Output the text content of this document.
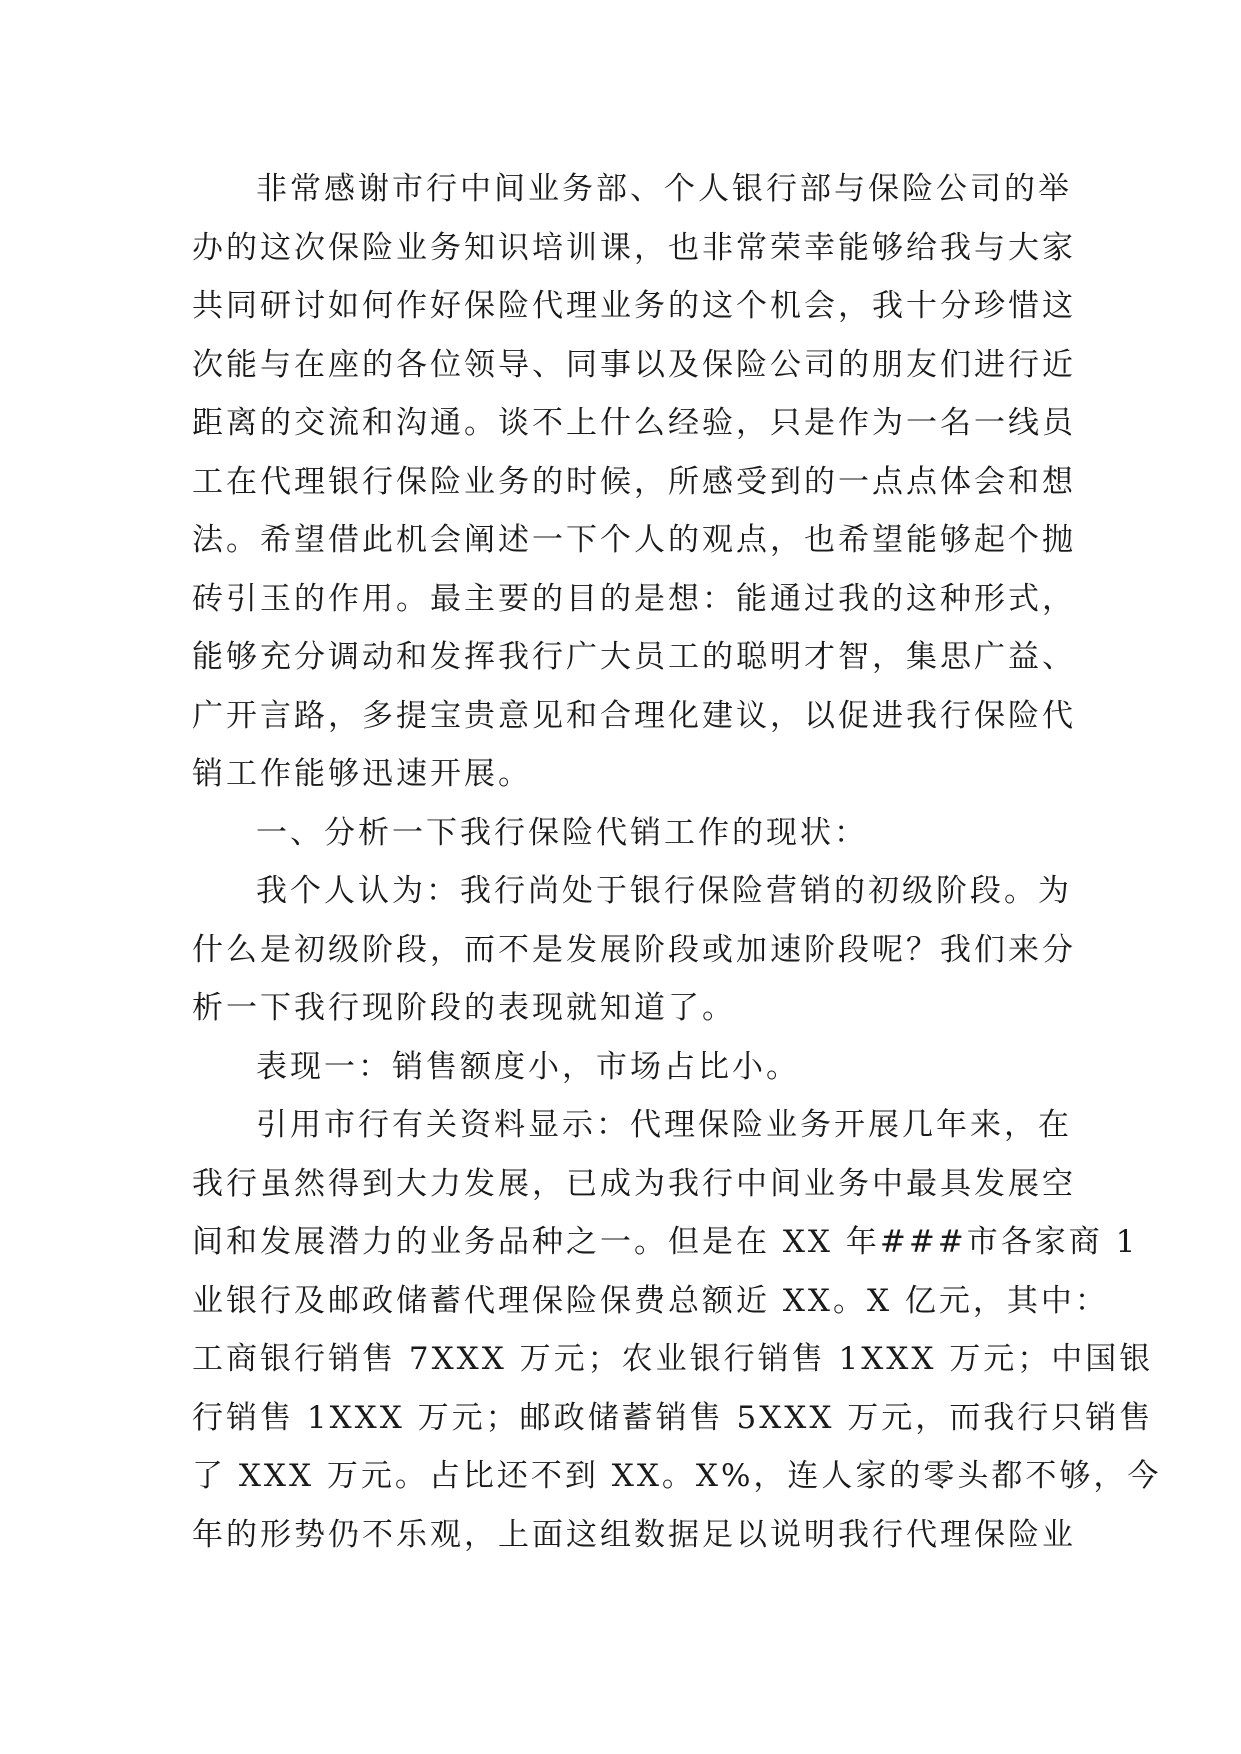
非常感谢市行中间业务部、个人银行部与保险公司的举
办的这次保险业务知识培训课，也非常荣幸能够给我与大家
共同研讨如何作好保险代理业务的这个机会，我十分珍惜这
次能与在座的各位领导、同事以及保险公司的朋友们进行近
距离的交流和沟通。谈不上什么经验，只是作为一名一线员
工在代理银行保险业务的时候，所感受到的一点点体会和想
法。希望借此机会阐述一下个人的观点，也希望能够起个抛
砖引玉的作用。最主要的目的是想：能通过我的这种形式，
能够充分调动和发挥我行广大员工的聪明才智，集思广益、
广开言路，多提宝贵意见和合理化建议，以促进我行保险代
销工作能够迅速开展。
一、分析一下我行保险代销工作的现状：
我个人认为：我行尚处于银行保险营销的初级阶段。为
什么是初级阶段，而不是发展阶段或加速阶段呢？我们来分
析一下我行现阶段的表现就知道了。
表现一：销售额度小，市场占比小。
引用市行有关资料显示：代理保险业务开展几年来，在
我行虽然得到大力发展，已成为我行中间业务中最具发展空
间和发展潜力的业务品种之一。但是在 XX 年###市各家商 1
业银行及邮政储蓄代理保险保费总额近 XX。X 亿元，其中：
工商银行销售 7XXX 万元；农业银行销售 1XXX 万元；中国银
行销售 1XXX 万元；邮政储蓄销售 5XXX 万元，而我行只销售
了 XXX 万元。占比还不到 XX。X%，连人家的零头都不够，今
年的形势仍不乐观，上面这组数据足以说明我行代理保险业
